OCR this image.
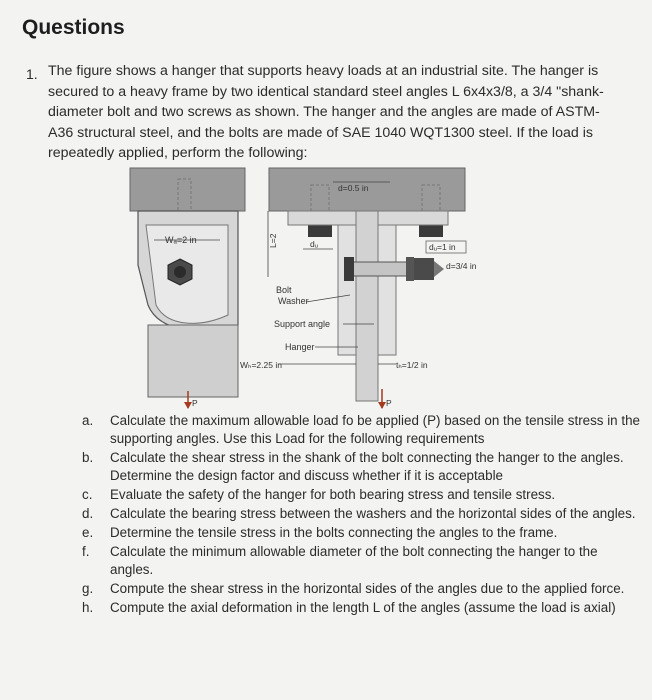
Questions
1. The figure shows a hanger that supports heavy loads at an industrial site. The hanger is secured to a heavy frame by two identical standard steel angles L 6x4x3/8, a 3/4 "shank-diameter bolt and two screws as shown. The hanger and the angles are made of ASTM-A36 structural steel, and the bolts are made of SAE 1040 WQT1300 steel. If the load is repeatedly applied, perform the following:

Wₐ=2 in
d=0.5 in
L=2	dᵤ	dᵤ=1 in
d=3/4 in
Bolt
Washer
Support angle
Hanger
Wₕ=2.25 in	tₕ=1/2 in
P	P
a. Calculate the maximum allowable load fo be applied (P) based on the tensile stress in the supporting angles. Use this Load for the following requirements
b. Calculate the shear stress in the shank of the bolt connecting the hanger to the angles. Determine the design factor and discuss whether if it is acceptable
c. Evaluate the safety of the hanger for both bearing stress and tensile stress.
d. Calculate the bearing stress between the washers and the horizontal sides of the angles.
e. Determine the tensile stress in the bolts connecting the angles to the frame.
f. Calculate the minimum allowable diameter of the bolt connecting the hanger to the angles.
g. Compute the shear stress in the horizontal sides of the angles due to the applied force.
h. Compute the axial deformation in the length L of the angles (assume the load is axial)
